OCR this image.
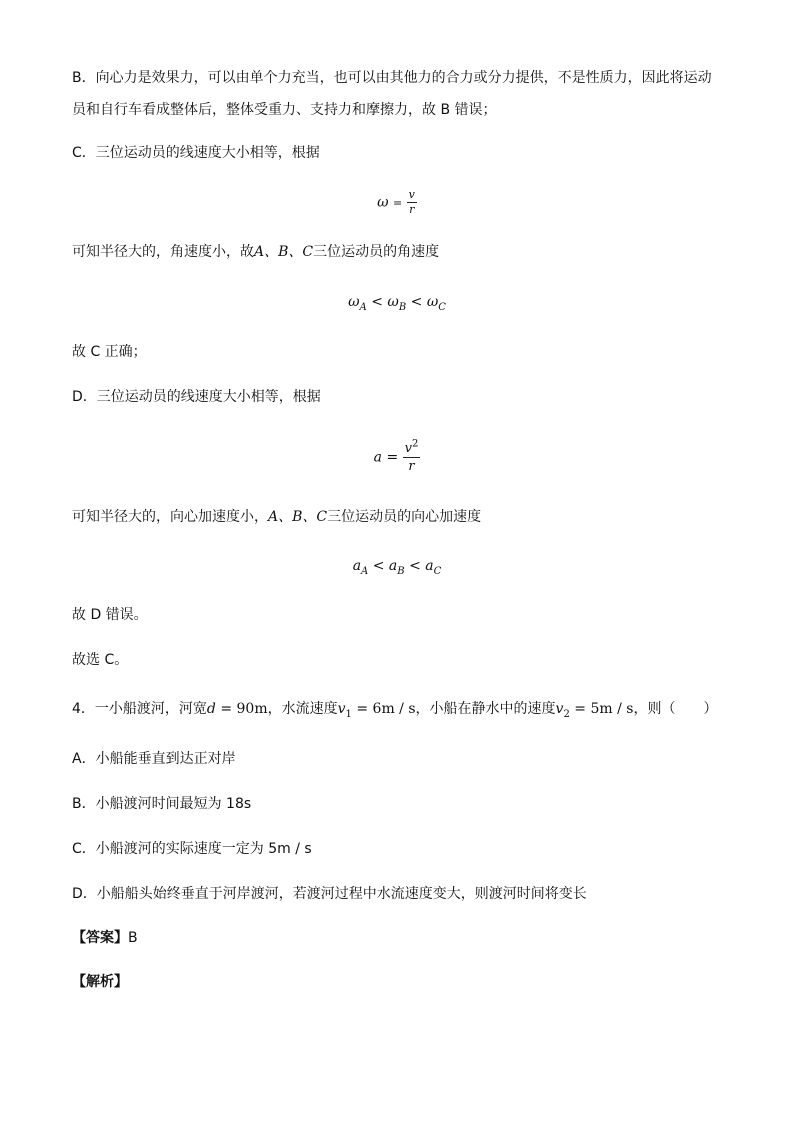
B．向心力是效果力，可以由单个力充当，也可以由其他力的合力或分力提供，不是性质力，因此将运动
员和自行车看成整体后，整体受重力、支持力和摩擦力，故 B 错误；
C．三位运动员的线速度大小相等，根据
$\omega = \frac{v}{r}$
可知半径大的，角速度小，故A、B、C三位运动员的角速度
$\omega_A < \omega_B < \omega_C$
故 C 正确；
D．三位运动员的线速度大小相等，根据
$a = \frac{v^2}{r}$
可知半径大的，向心加速度小，A、B、C三位运动员的向心加速度
$a_A < a_B < a_C$
故 D 错误。
故选 C。
4．一小船渡河，河宽d = 90m，水流速度$v_1 = 6m / s$，小船在静水中的速度$v_2 = 5m / s$，则（　　）
A．小船能垂直到达正对岸
B．小船渡河时间最短为 18s
C．小船渡河的实际速度一定为 5m / s
D．小船船头始终垂直于河岸渡河，若渡河过程中水流速度变大，则渡河时间将变长
【答案】B
【解析】
